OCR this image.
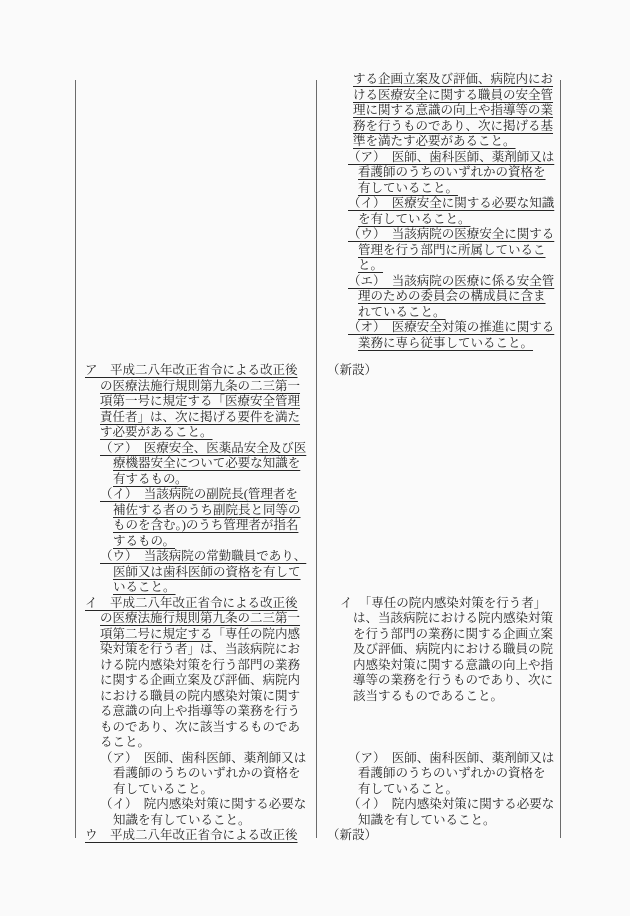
する企画立案及び評価、病院内にお
ける医療安全に関する職員の安全管
理に関する意識の向上や指導等の業
務を行うものであり、次に掲げる基
準を満たす必要があること。
（ア）　医師、歯科医師、薬剤師又は
看護師のうちのいずれかの資格を
有していること。
（イ）　医療安全に関する必要な知識
を有していること。
（ウ）　当該病院の医療安全に関する
管理を行う部門に所属しているこ
と。
（エ）　当該病院の医療に係る安全管
理のための委員会の構成員に含ま
れていること。
（オ）　医療安全対策の推進に関する
業務に専ら従事していること。
ア　平成二八年改正省令による改正後
の医療法施行規則第九条の二三第一
項第一号に規定する「医療安全管理
責任者」は、次に掲げる要件を満た
す必要があること。
（ア）　医療安全、医薬品安全及び医
療機器安全について必要な知識を
有するもの。
（イ）　当該病院の副院長(管理者を
補佐する者のうち副院長と同等の
ものを含む。)のうち管理者が指名
するもの。
（ウ）　当該病院の常勤職員であり、
医師又は歯科医師の資格を有して
いること。
（新設）
イ　平成二八年改正省令による改正後
の医療法施行規則第九条の二三第一
項第二号に規定する「専任の院内感
染対策を行う者」は、当該病院にお
ける院内感染対策を行う部門の業務
に関する企画立案及び評価、病院内
における職員の院内感染対策に関す
る意識の向上や指導等の業務を行う
ものであり、次に該当するものであ
ること。
イ　「専任の院内感染対策を行う者」
は、当該病院における院内感染対策
を行う部門の業務に関する企画立案
及び評価、病院内における職員の院
内感染対策に関する意識の向上や指
導等の業務を行うものであり、次に
該当するものであること。
（ア）　医師、歯科医師、薬剤師又は
看護師のうちのいずれかの資格を
有していること。
（イ）　院内感染対策に関する必要な
知識を有していること。
（ア）　医師、歯科医師、薬剤師又は
看護師のうちのいずれかの資格を
有していること。
（イ）　院内感染対策に関する必要な
知識を有していること。
ウ　平成二八年改正省令による改正後	（新設）
